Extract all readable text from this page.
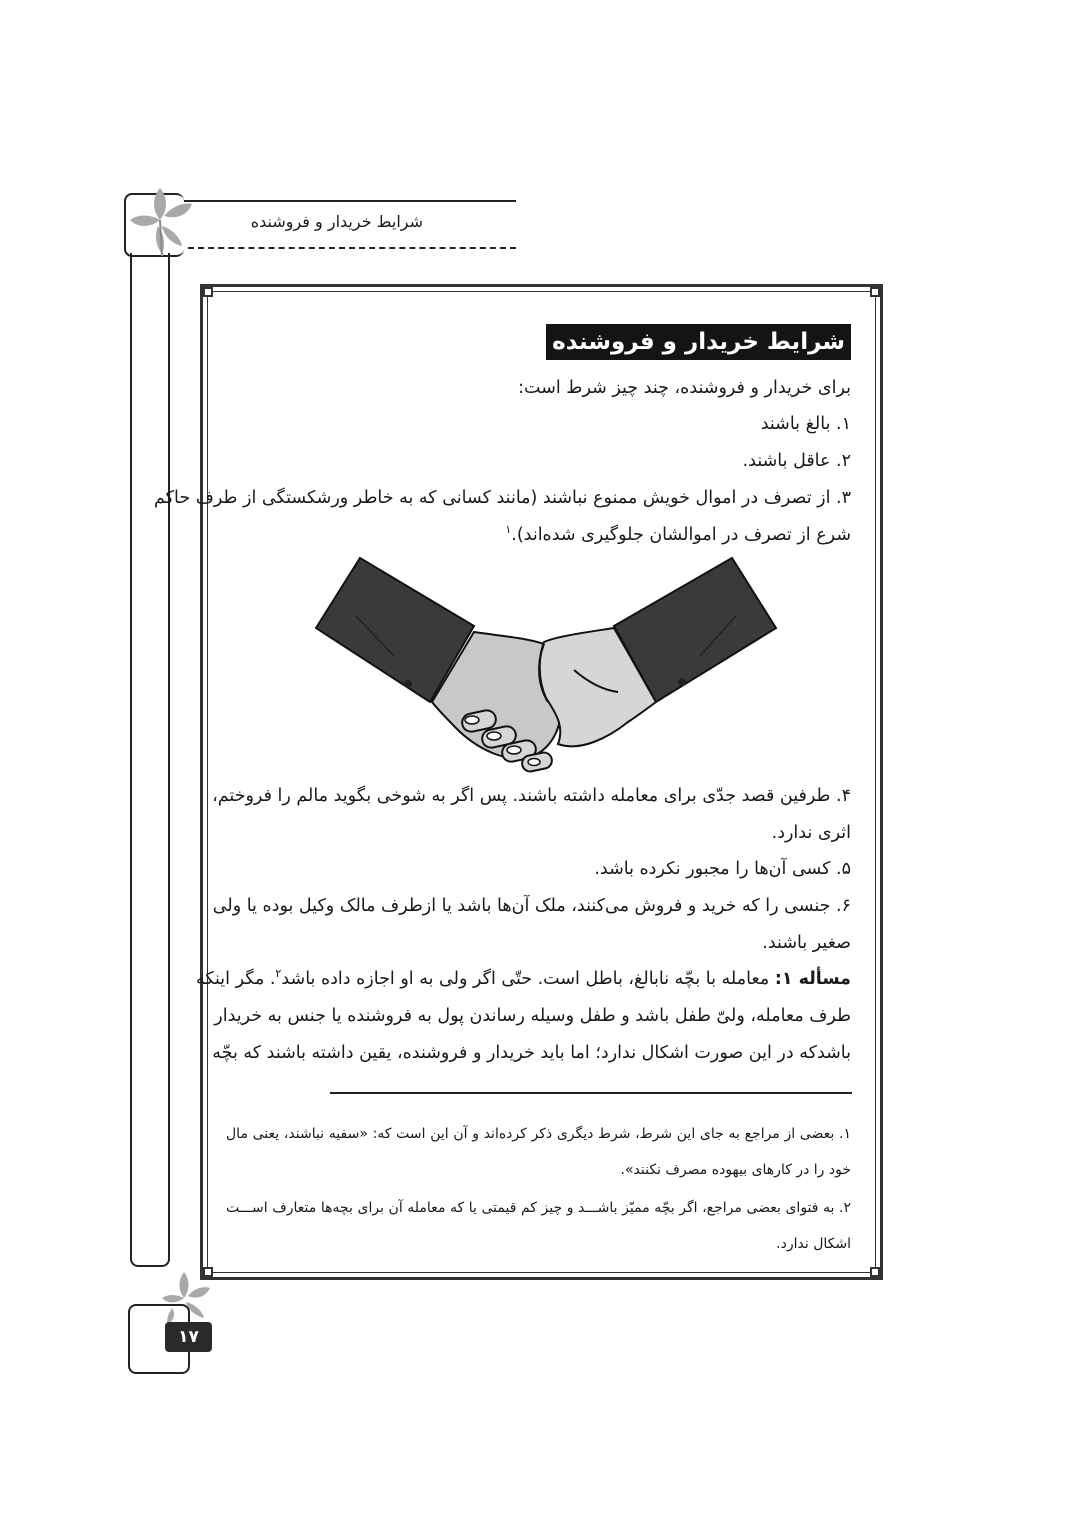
شرایط خریدار و فروشنده
۱۷
شرایط خریدار و فروشنده
برای خریدار و فروشنده، چند چیز شرط است:
۱. بالغ باشند
۲. عاقل باشند.
۳. از تصرف در اموال خویش ممنوع نباشند (مانند کسانی که به خاطر ورشکستگی از طرف حاکم
شرع از تصرف در اموالشان جلوگیری شده‌اند).$^۱$
۴. طرفین قصد جدّی برای معامله داشته باشند. پس اگر به شوخی بگوید مالم را فروختم،
اثری ندارد.
۵. کسی آن‌ها را مجبور نکرده باشد.
۶. جنسی را که خرید و فروش می‌کنند، ملک آن‌ها باشد یا ازطرف مالک وکیل بوده یا ولی
صغیر باشند.
مسأله ۱: معامله با بچّه نابالغ، باطل است. حتّی اگر ولی به او اجازه داده باشد$^۲$. مگر اینکه
طرف معامله، ولیّ طفل باشد و طفل وسیله رساندن پول به فروشنده یا جنس به خریدار
باشدکه در این صورت اشکال ندارد؛ اما باید خریدار و فروشنده، یقین داشته باشند که بچّه
۱. بعضی از مراجع به جای این شرط، شرط دیگری ذکر کرده‌اند و آن این است که: «سفیه نباشند، یعنی مال
خود را در کارهای بیهوده مصرف نکنند».
۲. به فتوای بعضی مراجع، اگر بچّه ممیّز باشـــد و چیز کم قیمتی یا که معامله آن برای بچه‌ها متعارف اســـت
اشکال ندارد.
